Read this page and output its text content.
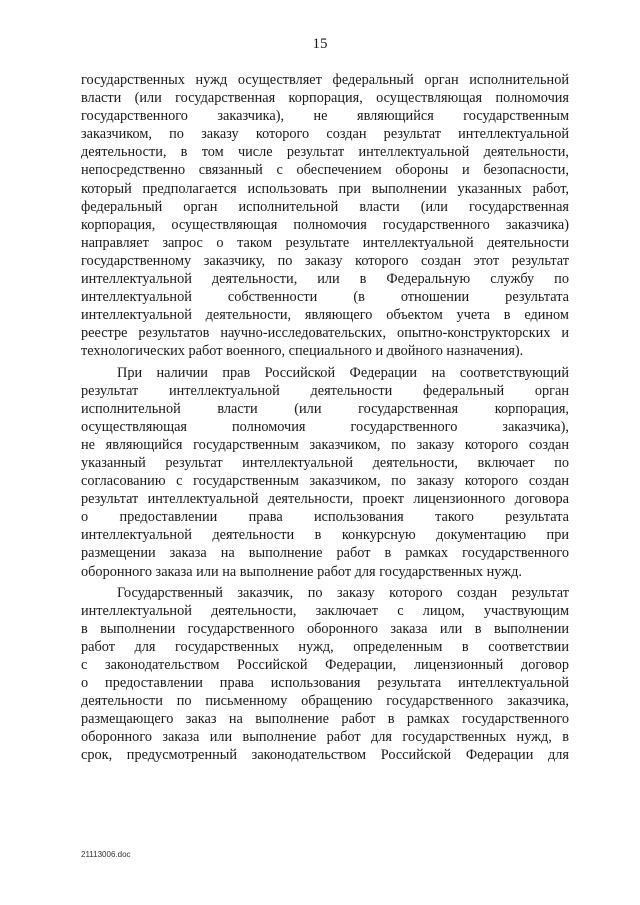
15
государственных нужд осуществляет федеральный орган исполнительной
власти (или государственная корпорация, осуществляющая полномочия
государственного заказчика), не являющийся государственным
заказчиком, по заказу которого создан результат интеллектуальной
деятельности, в том числе результат интеллектуальной деятельности,
непосредственно связанный с обеспечением обороны и безопасности,
который предполагается использовать при выполнении указанных работ,
федеральный орган исполнительной власти (или государственная
корпорация, осуществляющая полномочия государственного заказчика)
направляет запрос о таком результате интеллектуальной деятельности
государственному заказчику, по заказу которого создан этот результат
интеллектуальной деятельности, или в Федеральную службу по
интеллектуальной собственности (в отношении результата
интеллектуальной деятельности, являющего объектом учета в едином
реестре результатов научно-исследовательских, опытно-конструкторских и
технологических работ военного, специального и двойного назначения).
При наличии прав Российской Федерации на соответствующий
результат интеллектуальной деятельности федеральный орган
исполнительной власти (или государственная корпорация,
осуществляющая полномочия государственного заказчика),
не являющийся государственным заказчиком, по заказу которого создан
указанный результат интеллектуальной деятельности, включает по
согласованию с государственным заказчиком, по заказу которого создан
результат интеллектуальной деятельности, проект лицензионного договора
о предоставлении права использования такого результата
интеллектуальной деятельности в конкурсную документацию при
размещении заказа на выполнение работ в рамках государственного
оборонного заказа или на выполнение работ для государственных нужд.
Государственный заказчик, по заказу которого создан результат
интеллектуальной деятельности, заключает с лицом, участвующим
в выполнении государственного оборонного заказа или в выполнении
работ для государственных нужд, определенным в соответствии
с законодательством Российской Федерации, лицензионный договор
о предоставлении права использования результата интеллектуальной
деятельности по письменному обращению государственного заказчика,
размещающего заказ на выполнение работ в рамках государственного
оборонного заказа или выполнение работ для государственных нужд, в
срок, предусмотренный законодательством Российской Федерации для
21113006.doc
